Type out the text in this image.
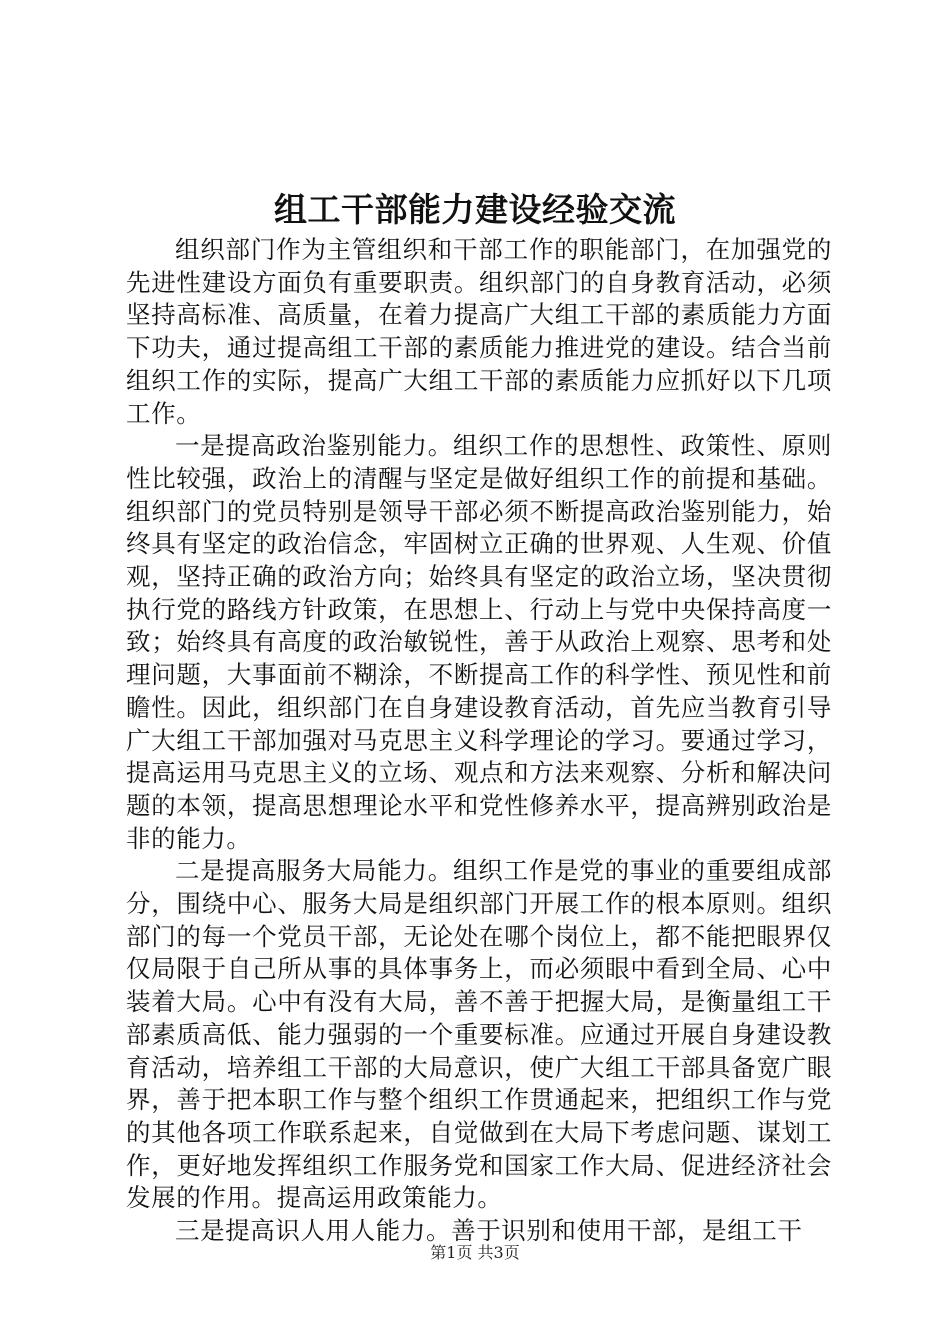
组工干部能力建设经验交流

组织部门作为主管组织和干部工作的职能部门，在加强党的先进性建设方面负有重要职责。组织部门的自身教育活动，必须坚持高标准、高质量，在着力提高广大组工干部的素质能力方面下功夫，通过提高组工干部的素质能力推进党的建设。结合当前组织工作的实际，提高广大组工干部的素质能力应抓好以下几项工作。

一是提高政治鉴别能力。组织工作的思想性、政策性、原则性比较强，政治上的清醒与坚定是做好组织工作的前提和基础。组织部门的党员特别是领导干部必须不断提高政治鉴别能力，始终具有坚定的政治信念，牢固树立正确的世界观、人生观、价值观，坚持正确的政治方向；始终具有坚定的政治立场，坚决贯彻执行党的路线方针政策，在思想上、行动上与党中央保持高度一致；始终具有高度的政治敏锐性，善于从政治上观察、思考和处理问题，大事面前不糊涂，不断提高工作的科学性、预见性和前瞻性。因此，组织部门在自身建设教育活动，首先应当教育引导广大组工干部加强对马克思主义科学理论的学习。要通过学习，提高运用马克思主义的立场、观点和方法来观察、分析和解决问题的本领，提高思想理论水平和党性修养水平，提高辨别政治是非的能力。

二是提高服务大局能力。组织工作是党的事业的重要组成部分，围绕中心、服务大局是组织部门开展工作的根本原则。组织部门的每一个党员干部，无论处在哪个岗位上，都不能把眼界仅仅局限于自己所从事的具体事务上，而必须眼中看到全局、心中装着大局。心中有没有大局，善不善于把握大局，是衡量组工干部素质高低、能力强弱的一个重要标准。应通过开展自身建设教育活动，培养组工干部的大局意识，使广大组工干部具备宽广眼界，善于把本职工作与整个组织工作贯通起来，把组织工作与党的其他各项工作联系起来，自觉做到在大局下考虑问题、谋划工作，更好地发挥组织工作服务党和国家工作大局、促进经济社会发展的作用。提高运用政策能力。

三是提高识人用人能力。善于识别和使用干部，是组工干

第1页 共3页
